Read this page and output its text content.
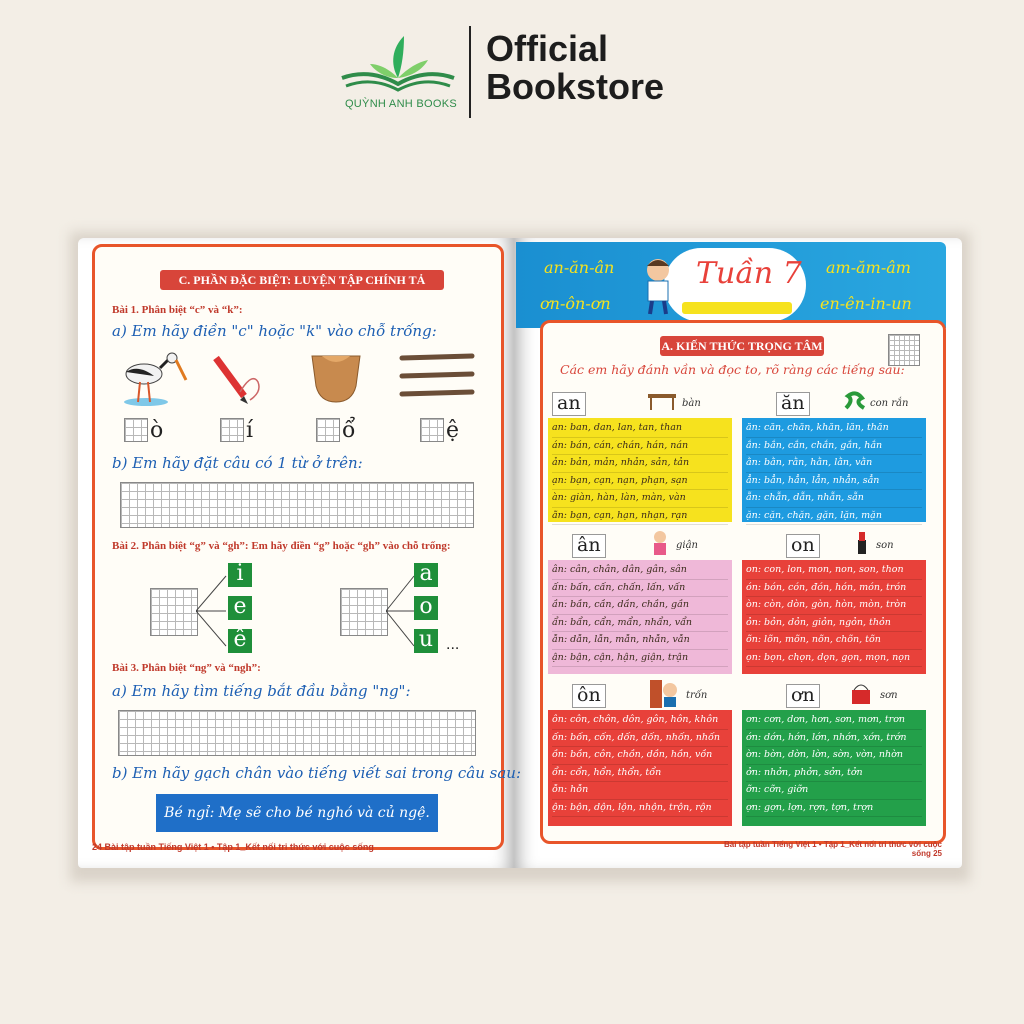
QUỲNH ANH BOOKS
Official
Bookstore
C. PHẦN ĐẶC BIỆT: LUYỆN TẬP CHÍNH TẢ
Bài 1. Phân biệt “c” và “k”:
a) Em hãy điền "c" hoặc "k" vào chỗ trống:
ò	í	ổ	ệ
b) Em hãy đặt câu có 1 từ ở trên:
Bài 2. Phân biệt “g” và “gh”: Em hãy điền “g” hoặc “gh” vào chỗ trống:
i
e
ê
a
o
u ...
Bài 3. Phân biệt “ng” và “ngh”:
a) Em hãy tìm tiếng bắt đầu bằng "ng":
b) Em hãy gạch chân vào tiếng viết sai trong câu sau:
Bé ngỉ: Mẹ sẽ cho bé nghó và củ ngệ.
24 Bài tập tuần Tiếng Việt 1 • Tập 1_Kết nối tri thức với cuộc sống
Tuần 7
an-ăn-ân
ơn-ôn-ơn
am-ăm-âm
en-ên-in-un
A. KIẾN THỨC TRỌNG TÂM
Các em hãy đánh vần và đọc to, rõ ràng các tiếng sau:
an	bàn
an: ban, dan, lan, tan, than
án: bán, cán, chán, hán, nán
ản: bản, mản, nhản, sản, tản
ạn: bạn, cạn, nạn, phạn, sạn
àn: giàn, hàn, làn, màn, vàn
ãn: bạn, cạn, hạn, nhạn, rạn
ăn	con rắn
ăn: căn, chăn, khăn, lăn, thăn
ắn: bắn, cắn, chắn, gắn, hắn
ằn: bằn, rằn, hằn, lằn, vằn
ẳn: bẳn, hẳn, lẳn, nhẳn, sẳn
ẵn: chẵn, dẵn, nhẵn, sẵn
ặn: cặn, chặn, gặn, lặn, mặn
ân	giận
ân: cân, chân, dân, gân, sân
ấn: bấn, cấn, chấn, lấn, vấn
ần: bần, cần, dần, chần, gần
ẩn: bẩn, cẩn, mẩn, nhẩn, vẩn
ẫn: dẫn, lẫn, mẫn, nhẫn, vẫn
ận: bận, cận, hận, giận, trận
on	son
on: con, lon, mon, non, son, thon
ón: bón, cón, đón, hón, món, trón
òn: còn, dòn, gòn, hòn, mòn, tròn
ỏn: bỏn, dỏn, giỏn, ngỏn, thỏn
õn: lõn, mõn, nõn, chõn, tõn
ọn: bọn, chọn, dọn, gọn, mọn, nọn
ôn	trốn
ôn: côn, chôn, dôn, gôn, hôn, khôn
ốn: bốn, cốn, dốn, dốn, nhốn, nhốn
ồn: bồn, côn, chồn, dồn, hồn, vồn
ổn: cổn, hổn, thổn, tổn
ỗn: hỗn
ộn: bộn, dộn, lộn, nhộn, trộn, rộn
ơn	sơn
ơn: cơn, dơn, hơn, sơn, mơn, trơn
ớn: dớn, hớn, lớn, nhớn, xớn, trớn
ờn: bờn, dờn, lờn, sờn, vờn, nhờn
ởn: nhởn, phởn, sởn, tởn
ỡn: cỡn, giỡn
ợn: gợn, lợn, rợn, tợn, trợn
Bài tập tuần Tiếng Việt 1 • Tập 1_Kết nối tri thức với cuộc sống 25
